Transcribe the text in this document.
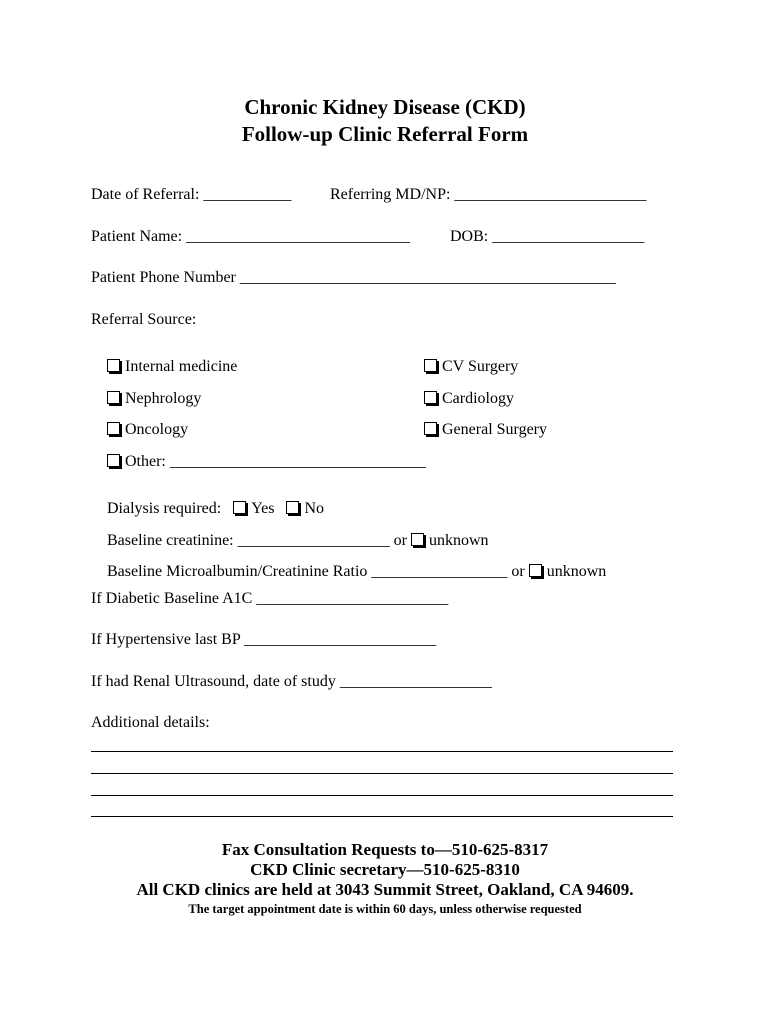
Chronic Kidney Disease (CKD)
Follow-up Clinic Referral Form
Date of Referral: ___________ Referring MD/NP: ________________________
Patient Name: ____________________________ DOB: ___________________
Patient Phone Number _______________________________________________
Referral Source:

Internal medicine
	CV Surgery

Nephrology
	Cardiology

Oncology
	General Surgery

Other: ________________________________

Dialysis required: Yes No

Baseline creatinine: ___________________ or unknown

Baseline Microalbumin/Creatinine Ratio _________________ or unknown

If Diabetic Baseline A1C ________________________
If Hypertensive last BP ________________________
If had Renal Ultrasound, date of study ___________________
Additional details:
Fax Consultation Requests to—510-625-8317
CKD Clinic secretary—510-625-8310
All CKD clinics are held at 3043 Summit Street, Oakland, CA 94609.
The target appointment date is within 60 days, unless otherwise requested
